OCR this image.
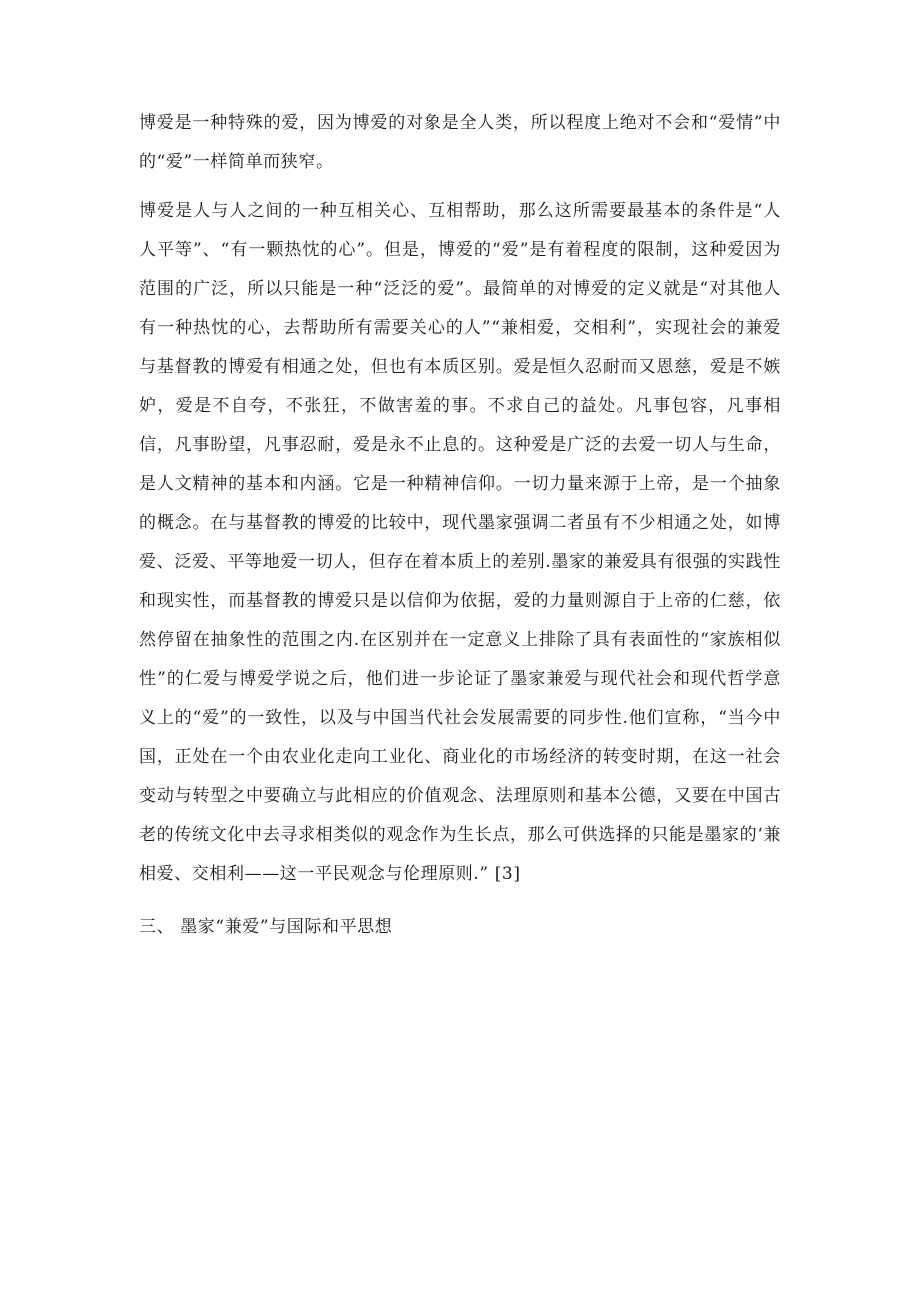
博爱是一种特殊的爱，因为博爱的对象是全人类，所以程度上绝对不会和“爱情”中的“爱”一样简单而狭窄。

博爱是人与人之间的一种互相关心、互相帮助，那么这所需要最基本的条件是“人人平等”、“有一颗热忱的心”。但是，博爱的“爱”是有着程度的限制，这种爱因为范围的广泛，所以只能是一种“泛泛的爱”。最简单的对博爱的定义就是“对其他人有一种热忱的心，去帮助所有需要关心的人”“兼相爱，交相利”，实现社会的兼爱与基督教的博爱有相通之处，但也有本质区别。爱是恒久忍耐而又恩慈，爱是不嫉妒，爱是不自夸，不张狂，不做害羞的事。不求自己的益处。凡事包容，凡事相信，凡事盼望，凡事忍耐，爱是永不止息的。这种爱是广泛的去爱一切人与生命，是人文精神的基本和内涵。它是一种精神信仰。一切力量来源于上帝，是一个抽象的概念。在与基督教的博爱的比较中，现代墨家强调二者虽有不少相通之处，如博爱、泛爱、平等地爱一切人，但存在着本质上的差别.墨家的兼爱具有很强的实践性和现实性，而基督教的博爱只是以信仰为依据，爱的力量则源自于上帝的仁慈，依然停留在抽象性的范围之内.在区别并在一定意义上排除了具有表面性的“家族相似性”的仁爱与博爱学说之后，他们进一步论证了墨家兼爱与现代社会和现代哲学意义上的“爱”的一致性，以及与中国当代社会发展需要的同步性.他们宣称，“当今中国，正处在一个由农业化走向工业化、商业化的市场经济的转变时期，在这一社会变动与转型之中要确立与此相应的价值观念、法理原则和基本公德，又要在中国古老的传统文化中去寻求相类似的观念作为生长点，那么可供选择的只能是墨家的‘兼相爱、交相利——这一平民观念与伦理原则.” [3]

三、 墨家“兼爱”与国际和平思想
